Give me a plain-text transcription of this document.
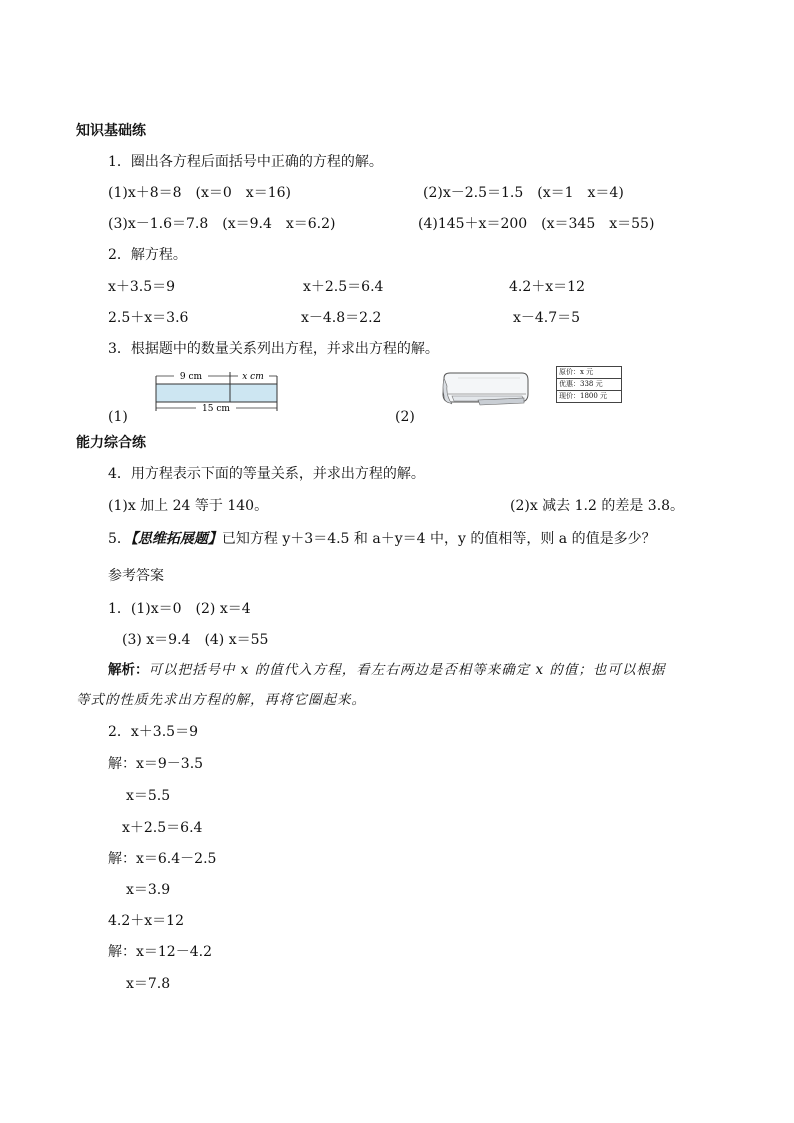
知识基础练
1．圈出各方程后面括号中正确的方程的解。
(1)x＋8＝8　(x＝0　x＝16)	(2)x－2.5＝1.5　(x＝1　x＝4)
(3)x－1.6＝7.8　(x＝9.4　x＝6.2)	(4)145＋x＝200　(x＝345　x＝55)
2．解方程。
x＋3.5＝9	x＋2.5＝6.4	4.2＋x＝12
2.5＋x＝3.6	x－4.8＝2.2	x－4.7＝5
3．根据题中的数量关系列出方程，并求出方程的解。
(1)
9 cm	x cm
15 cm	(2)
原价：x 元
优惠：338 元
现价：1800 元
能力综合练
4．用方程表示下面的等量关系，并求出方程的解。
(1)x 加上 24 等于 140。	(2)x 减去 1.2 的差是 3.8。
5．【思维拓展题】已知方程 y＋3＝4.5 和 a＋y＝4 中，y 的值相等，则 a 的值是多少？
参考答案
1．(1)x＝0　(2) x＝4
(3) x＝9.4　(4) x＝55
解析：可以把括号中 x 的值代入方程，看左右两边是否相等来确定 x 的值；也可以根据
等式的性质先求出方程的解，再将它圈起来。
2．x＋3.5＝9
解：x＝9－3.5
x＝5.5
x＋2.5＝6.4
解：x＝6.4－2.5
x＝3.9
4.2＋x＝12
解：x＝12－4.2
x＝7.8
